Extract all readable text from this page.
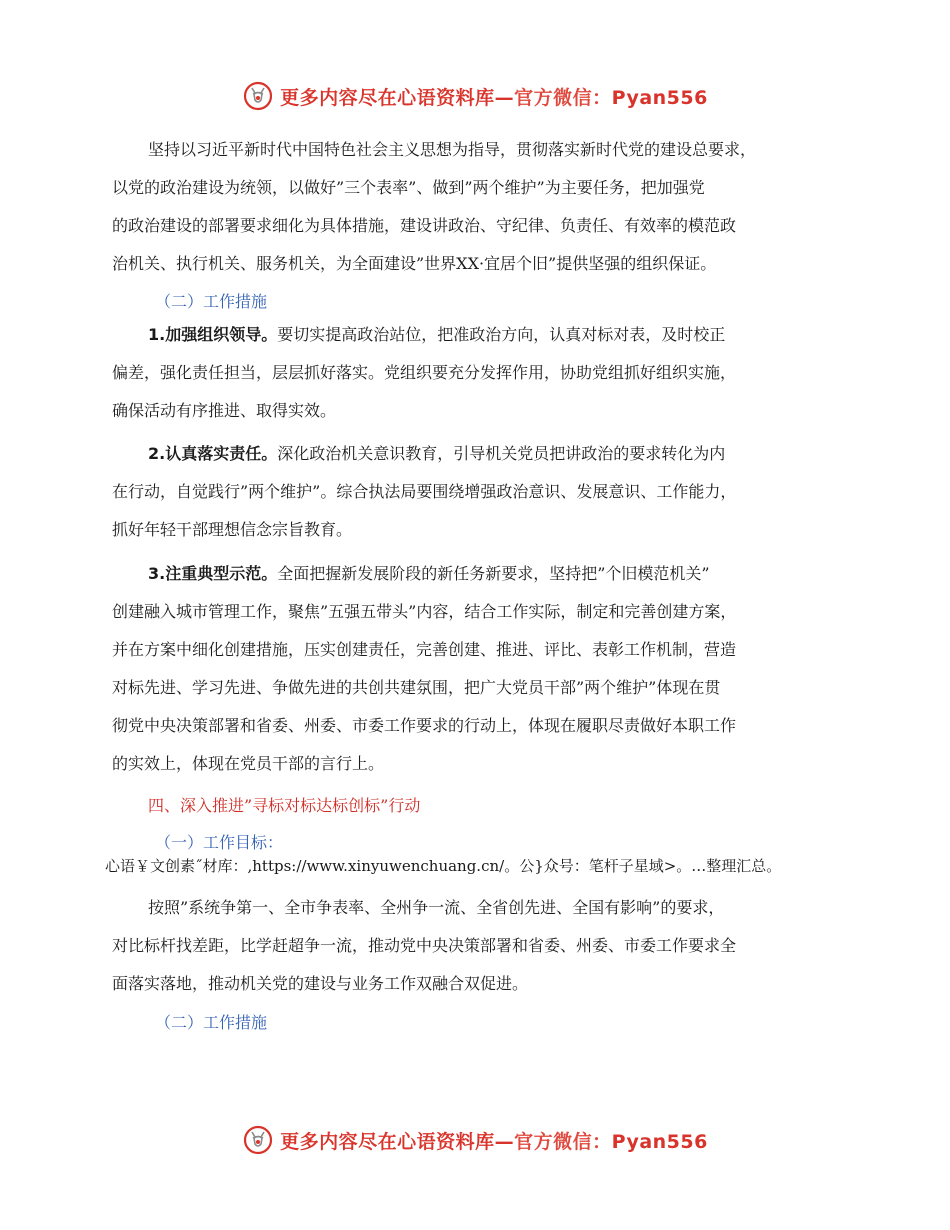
更多内容尽在心语资料库—官方微信：Pyan556
坚持以习近平新时代中国特色社会主义思想为指导，贯彻落实新时代党的建设总要求，
以党的政治建设为统领，以做好”三个表率”、做到”两个维护”为主要任务，把加强党
的政治建设的部署要求细化为具体措施，建设讲政治、守纪律、负责任、有效率的模范政
治机关、执行机关、服务机关，为全面建设”世界XX·宜居个旧”提供坚强的组织保证。
（二）工作措施
1.加强组织领导。要切实提高政治站位，把准政治方向，认真对标对表，及时校正
偏差，强化责任担当，层层抓好落实。党组织要充分发挥作用，协助党组抓好组织实施，
确保活动有序推进、取得实效。
2.认真落实责任。深化政治机关意识教育，引导机关党员把讲政治的要求转化为内
在行动，自觉践行”两个维护”。综合执法局要围绕增强政治意识、发展意识、工作能力，
抓好年轻干部理想信念宗旨教育。
3.注重典型示范。全面把握新发展阶段的新任务新要求，坚持把”个旧模范机关”
创建融入城市管理工作，聚焦”五强五带头”内容，结合工作实际，制定和完善创建方案，
并在方案中细化创建措施，压实创建责任，完善创建、推进、评比、表彰工作机制，营造
对标先进、学习先进、争做先进的共创共建氛围，把广大党员干部”两个维护”体现在贯
彻党中央决策部署和省委、州委、市委工作要求的行动上，体现在履职尽责做好本职工作
的实效上，体现在党员干部的言行上。
四、深入推进”寻标对标达标创标”行动
（一）工作目标：
心语￥文创素˝材库：,https://www.xinyuwenchuang.cn/。公}众号：笔杆子星域>。…整理汇总。
按照”系统争第一、全市争表率、全州争一流、全省创先进、全国有影响”的要求，
对比标杆找差距，比学赶超争一流，推动党中央决策部署和省委、州委、市委工作要求全
面落实落地，推动机关党的建设与业务工作双融合双促进。
（二）工作措施
更多内容尽在心语资料库—官方微信：Pyan556
